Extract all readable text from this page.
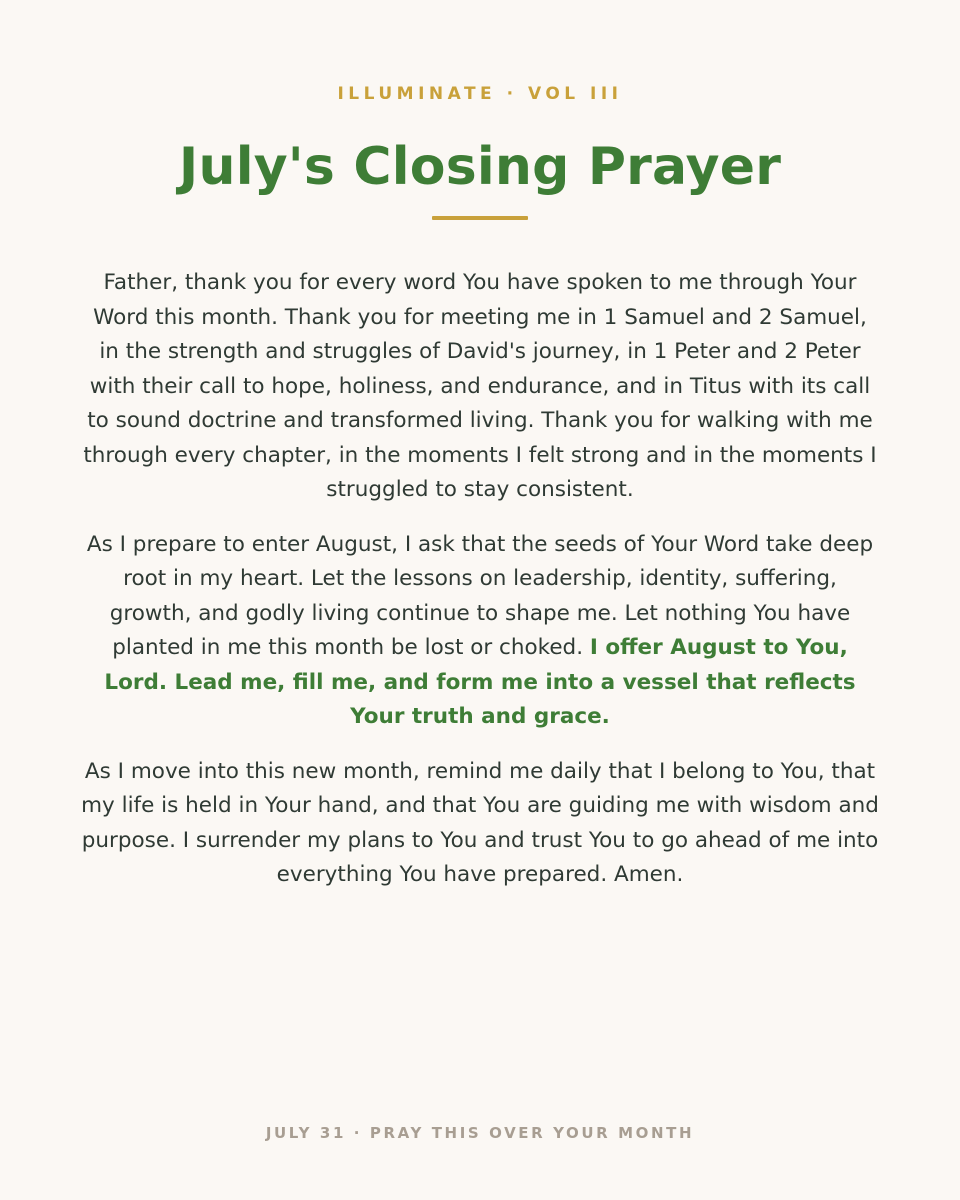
ILLUMINATE · VOL III
July's Closing Prayer

Father, thank you for every word You have spoken to me through Your Word this month. Thank you for meeting me in 1 Samuel and 2 Samuel, in the strength and struggles of David's journey, in 1 Peter and 2 Peter with their call to hope, holiness, and endurance, and in Titus with its call to sound doctrine and transformed living. Thank you for walking with me through every chapter, in the moments I felt strong and in the moments I struggled to stay consistent.

As I prepare to enter August, I ask that the seeds of Your Word take deep root in my heart. Let the lessons on leadership, identity, suffering, growth, and godly living continue to shape me. Let nothing You have planted in me this month be lost or choked. I offer August to You, Lord. Lead me, fill me, and form me into a vessel that reflects Your truth and grace.

As I move into this new month, remind me daily that I belong to You, that my life is held in Your hand, and that You are guiding me with wisdom and purpose. I surrender my plans to You and trust You to go ahead of me into everything You have prepared. Amen.

JULY 31 · PRAY THIS OVER YOUR MONTH
